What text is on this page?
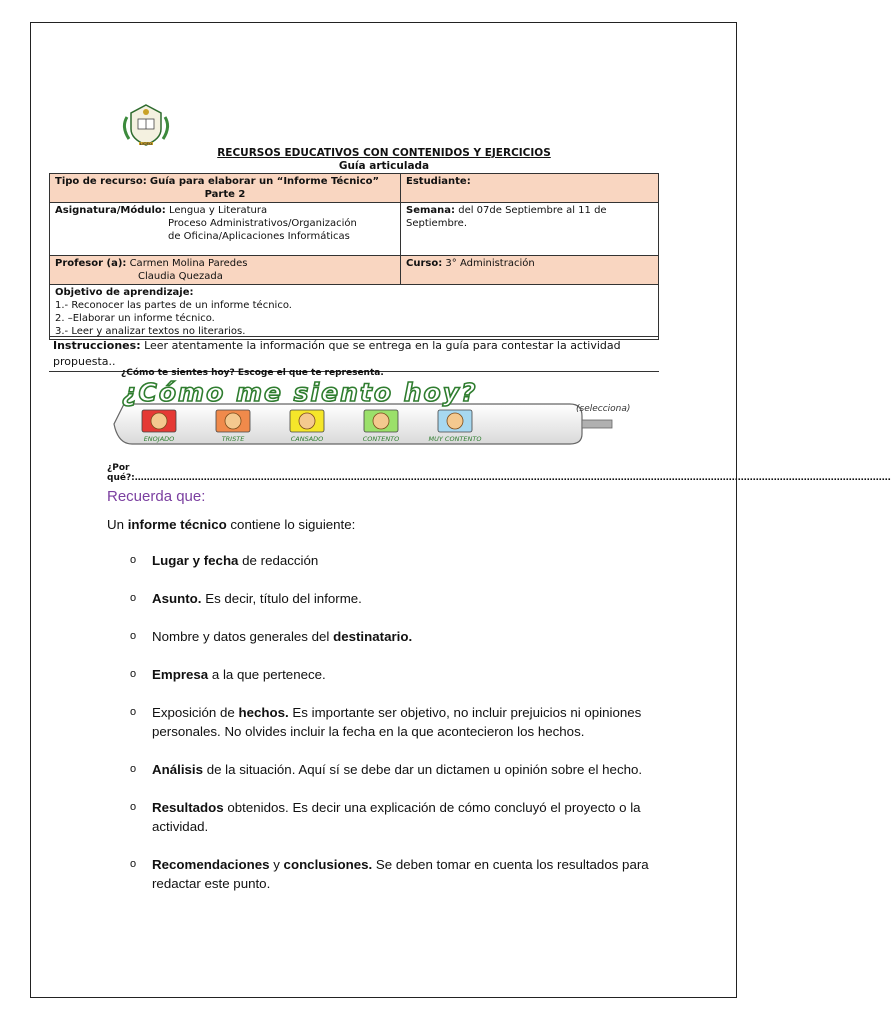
LICEO
RECURSOS EDUCATIVOS CON CONTENIDOS Y EJERCICIOS
Guía articulada
Tipo de recurso: Guía para elaborar un “Informe Técnico”
Parte 2	Estudiante:
Asignatura/Módulo: Lengua y Literatura
Proceso Administrativos/Organización
de Oficina/Aplicaciones Informáticas	Semana: del 07de Septiembre al 11 de Septiembre.
Profesor (a): Carmen Molina Paredes
Claudia Quezada	Curso: 3° Administración

Objetivo de aprendizaje:
1.- Reconocer las partes de un informe técnico.
2. –Elaborar un informe técnico.
3.- Leer y analizar textos no literarios.	
Instrucciones: Leer atentamente la información que se entrega en la guía para contestar la actividad propuesta..
¿Cómo te sientes hoy? Escoge el que te representa.
¿Cómo me siento hoy?
(selecciona)
ENOJADO	TRISTE	CANSADO	CONTENTO	MUY CONTENTO
¿Por qué?:………………………………………………………………………………………………………………………………………………………………………………………………………………………………
Recuerda que:
Un informe técnico contiene lo siguiente:
o Lugar y fecha de redacción
o Asunto. Es decir, título del informe.
o Nombre y datos generales del destinatario.
o Empresa a la que pertenece.
o Exposición de hechos. Es importante ser objetivo, no incluir prejuicios ni opiniones personales. No olvides incluir la fecha en la que acontecieron los hechos.
o Análisis de la situación. Aquí sí se debe dar un dictamen u opinión sobre el hecho.
o Resultados obtenidos. Es decir una explicación de cómo concluyó el proyecto o la actividad.
o Recomendaciones y conclusiones. Se deben tomar en cuenta los resultados para redactar este punto.
